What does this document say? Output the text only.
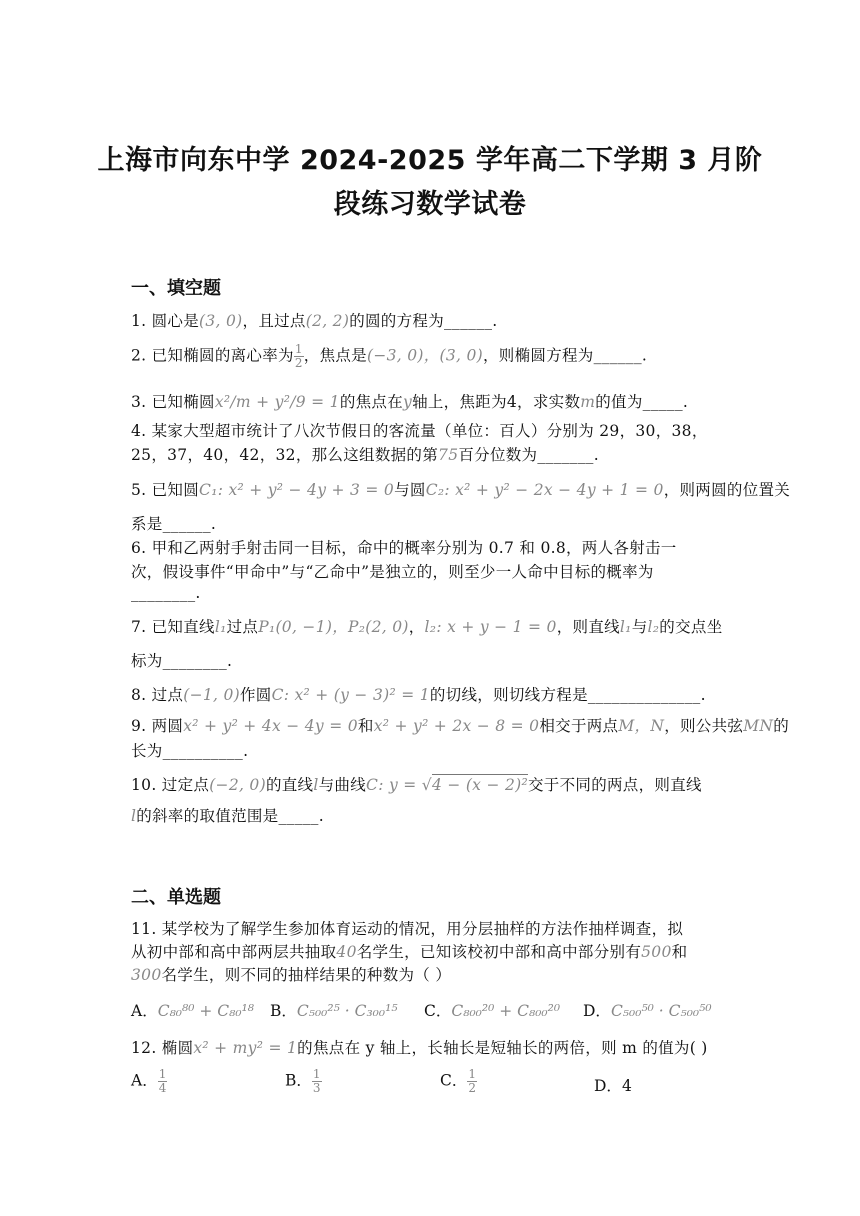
上海市向东中学 2024-2025 学年高二下学期 3 月阶
段练习数学试卷
一、填空题
1. 圆心是(3, 0)，且过点(2, 2)的圆的方程为______.
2. 已知椭圆的离心率为 $\frac{1}{2}$ ，焦点是(−3, 0)，(3, 0)，则椭圆方程为______.
3. 已知椭圆x²/m + y²/9 = 1的焦点在y轴上，焦距为4，求实数m的值为_____.
4. 某家大型超市统计了八次节假日的客流量（单位：百人）分别为 29，30，38，
25，37，40，42，32，那么这组数据的第75百分位数为_______.
5. 已知圆C₁: x² + y² − 4y + 3 = 0与圆C₂: x² + y² − 2x − 4y + 1 = 0，则两圆的位置关
系是______.
6. 甲和乙两射手射击同一目标，命中的概率分别为 0.7 和 0.8，两人各射击一
次，假设事件“甲命中”与“乙命中”是独立的，则至少一人命中目标的概率为
________.
7. 已知直线l₁过点P₁(0, −1)，P₂(2, 0)，l₂: x + y − 1 = 0，则直线l₁与l₂的交点坐
标为________.
8. 过点(−1, 0)作圆C: x² + (y − 3)² = 1的切线，则切线方程是______________.
9. 两圆x² + y² + 4x − 4y = 0和x² + y² + 2x − 8 = 0相交于两点M，N，则公共弦MN的
长为__________.
10. 过定点(−2, 0)的直线l与曲线C: y = √4 − (x − 2)²交于不同的两点，则直线
l的斜率的取值范围是_____.
二、单选题
11. 某学校为了解学生参加体育运动的情况，用分层抽样的方法作抽样调查，拟
从初中部和高中部两层共抽取40名学生，已知该校初中部和高中部分别有500和
300名学生，则不同的抽样结果的种数为（ ）
A．C₈₀⁸⁰ + C₈₀¹⁸ B．C₅₀₀²⁵ · C₃₀₀¹⁵ C．C₈₀₀²⁰ + C₈₀₀²⁰ D．C₅₀₀⁵⁰ · C₅₀₀⁵⁰
12. 椭圆x² + my² = 1的焦点在 y 轴上，长轴长是短轴长的两倍，则 m 的值为( )
A． $\frac{1}{4}$	B． $\frac{1}{3}$	C． $\frac{1}{2}$	D．4
